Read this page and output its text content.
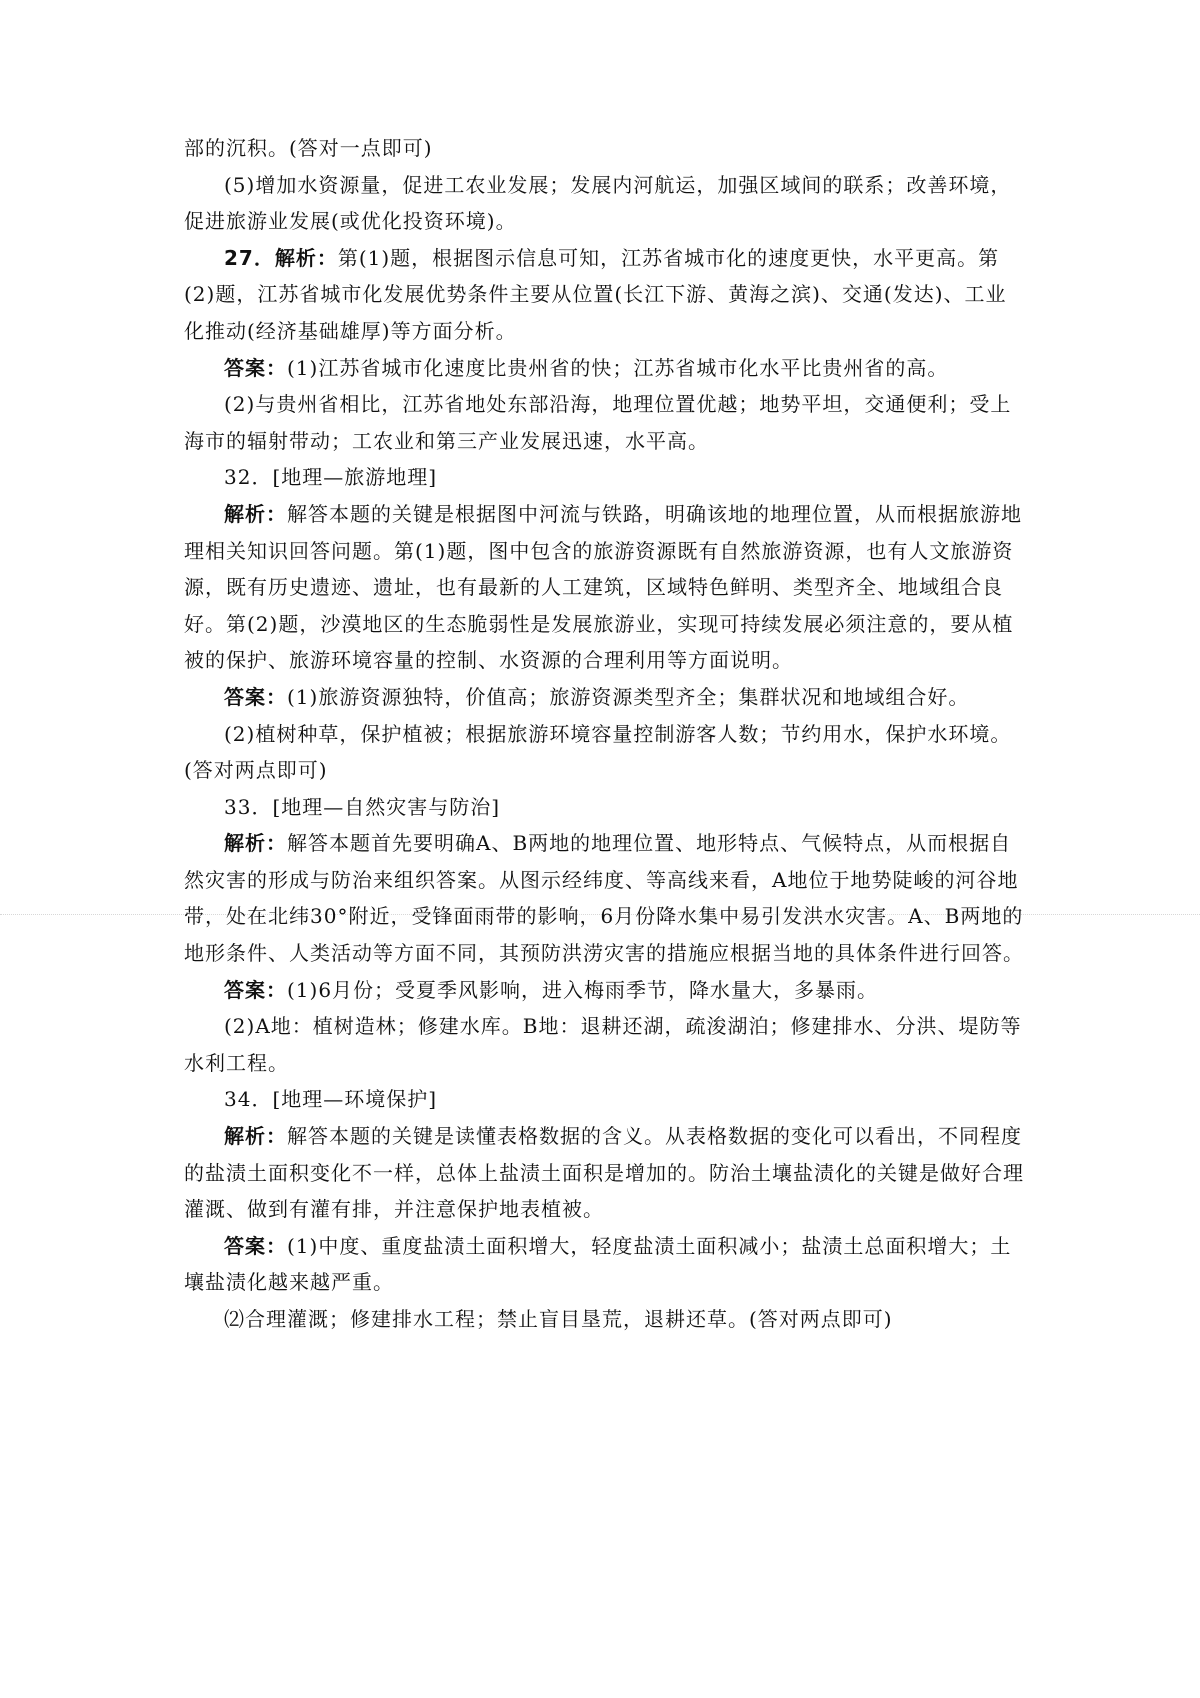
部的沉积。(答对一点即可)

(5)增加水资源量，促进工农业发展；发展内河航运，加强区域间的联系；改善环境，促进旅游业发展(或优化投资环境)。

27．解析：第(1)题，根据图示信息可知，江苏省城市化的速度更快，水平更高。第(2)题，江苏省城市化发展优势条件主要从位置(长江下游、黄海之滨)、交通(发达)、工业化推动(经济基础雄厚)等方面分析。

答案：(1)江苏省城市化速度比贵州省的快；江苏省城市化水平比贵州省的高。

(2)与贵州省相比，江苏省地处东部沿海，地理位置优越；地势平坦，交通便利；受上海市的辐射带动；工农业和第三产业发展迅速，水平高。

32．[地理—旅游地理]

解析：解答本题的关键是根据图中河流与铁路，明确该地的地理位置，从而根据旅游地理相关知识回答问题。第(1)题，图中包含的旅游资源既有自然旅游资源，也有人文旅游资源，既有历史遗迹、遗址，也有最新的人工建筑，区域特色鲜明、类型齐全、地域组合良好。第(2)题，沙漠地区的生态脆弱性是发展旅游业，实现可持续发展必须注意的，要从植被的保护、旅游环境容量的控制、水资源的合理利用等方面说明。

答案：(1)旅游资源独特，价值高；旅游资源类型齐全；集群状况和地域组合好。

(2)植树种草，保护植被；根据旅游环境容量控制游客人数；节约用水，保护水环境。(答对两点即可)

33．[地理—自然灾害与防治]

解析：解答本题首先要明确A、B两地的地理位置、地形特点、气候特点，从而根据自然灾害的形成与防治来组织答案。从图示经纬度、等高线来看，A地位于地势陡峻的河谷地带，处在北纬30°附近，受锋面雨带的影响，6月份降水集中易引发洪水灾害。A、B两地的地形条件、人类活动等方面不同，其预防洪涝灾害的措施应根据当地的具体条件进行回答。

答案：(1)6月份；受夏季风影响，进入梅雨季节，降水量大，多暴雨。

(2)A地：植树造林；修建水库。B地：退耕还湖，疏浚湖泊；修建排水、分洪、堤防等水利工程。

34．[地理—环境保护]

解析：解答本题的关键是读懂表格数据的含义。从表格数据的变化可以看出，不同程度的盐渍土面积变化不一样，总体上盐渍土面积是增加的。防治土壤盐渍化的关键是做好合理灌溉、做到有灌有排，并注意保护地表植被。

答案：(1)中度、重度盐渍土面积增大，轻度盐渍土面积减小；盐渍土总面积增大；土壤盐渍化越来越严重。

⑵合理灌溉；修建排水工程；禁止盲目垦荒，退耕还草。(答对两点即可)
